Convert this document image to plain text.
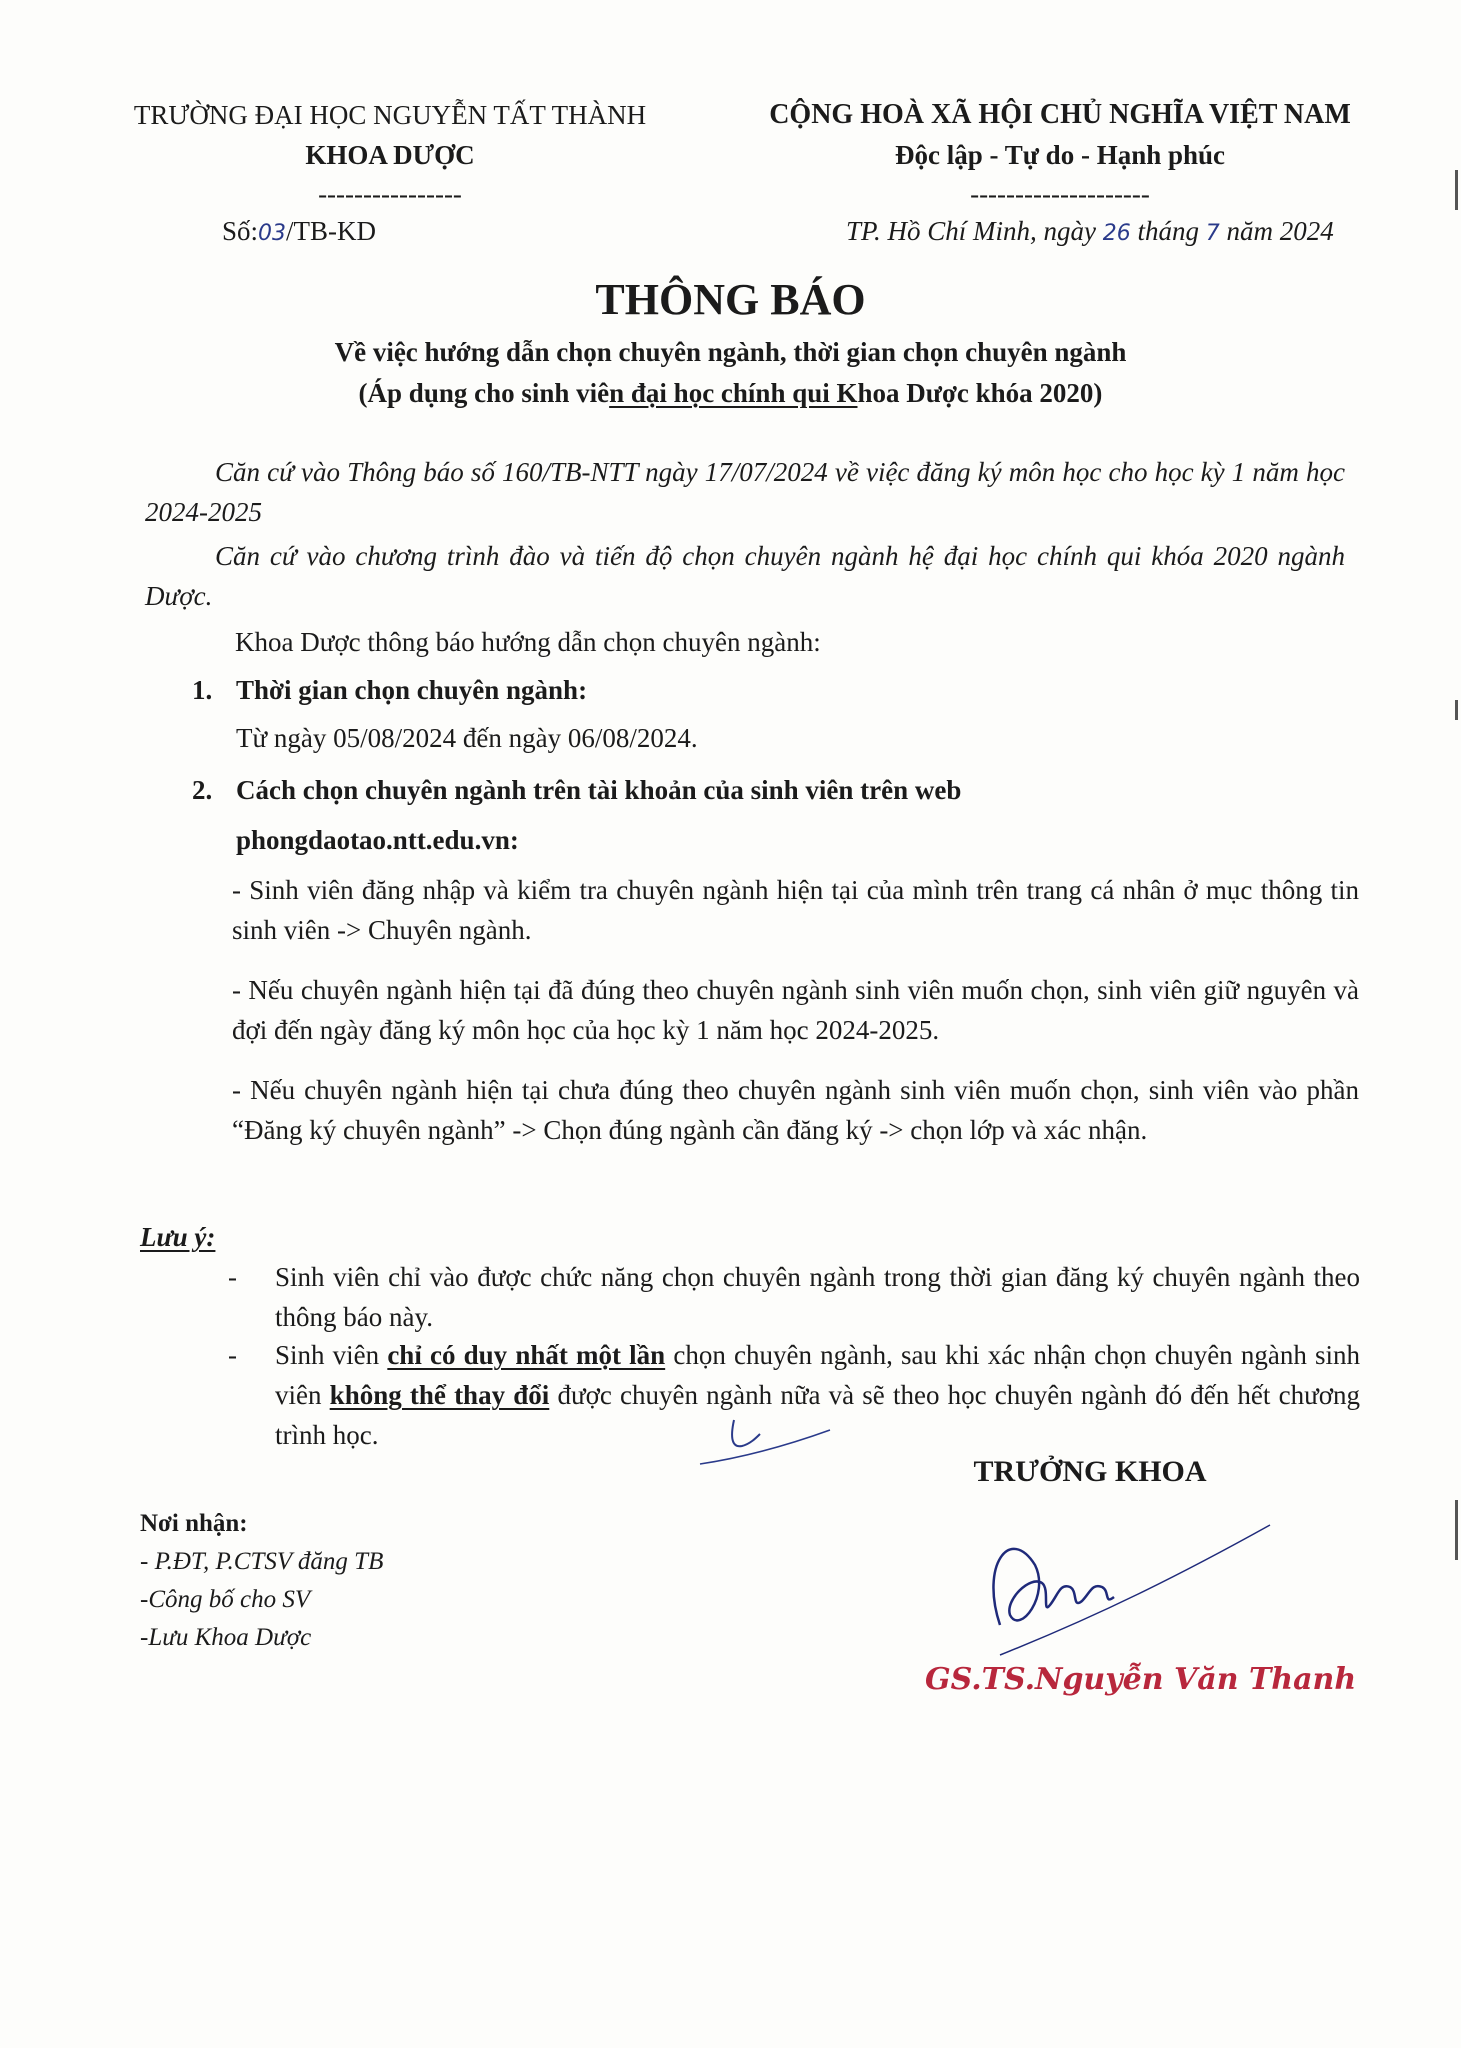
TRƯỜNG ĐẠI HỌC NGUYỄN TẤT THÀNH
KHOA DƯỢC
----------------
Số:03/TB-KD
CỘNG HOÀ XÃ HỘI CHỦ NGHĨA VIỆT NAM
Độc lập - Tự do - Hạnh phúc
--------------------
TP. Hồ Chí Minh, ngày 26 tháng 7 năm 2024
THÔNG BÁO
Về việc hướng dẫn chọn chuyên ngành, thời gian chọn chuyên ngành
(Áp dụng cho sinh viên đại học chính qui Khoa Dược khóa 2020)
Căn cứ vào Thông báo số 160/TB-NTT ngày 17/07/2024 về việc đăng ký môn học cho học kỳ 1 năm học 2024-2025
Căn cứ vào chương trình đào và tiến độ chọn chuyên ngành hệ đại học chính qui khóa 2020 ngành Dược.
Khoa Dược thông báo hướng dẫn chọn chuyên ngành:
1. Thời gian chọn chuyên ngành:
Từ ngày 05/08/2024 đến ngày 06/08/2024.
2. Cách chọn chuyên ngành trên tài khoản của sinh viên trên web
phongdaotao.ntt.edu.vn:
- Sinh viên đăng nhập và kiểm tra chuyên ngành hiện tại của mình trên trang cá nhân ở mục thông tin sinh viên -> Chuyên ngành.
- Nếu chuyên ngành hiện tại đã đúng theo chuyên ngành sinh viên muốn chọn, sinh viên giữ nguyên và đợi đến ngày đăng ký môn học của học kỳ 1 năm học 2024-2025.
- Nếu chuyên ngành hiện tại chưa đúng theo chuyên ngành sinh viên muốn chọn, sinh viên vào phần “Đăng ký chuyên ngành” -> Chọn đúng ngành cần đăng ký -> chọn lớp và xác nhận.
Lưu ý:
- Sinh viên chỉ vào được chức năng chọn chuyên ngành trong thời gian đăng ký chuyên ngành theo thông báo này.
- Sinh viên chỉ có duy nhất một lần chọn chuyên ngành, sau khi xác nhận chọn chuyên ngành sinh viên không thể thay đổi được chuyên ngành nữa và sẽ theo học chuyên ngành đó đến hết chương trình học.
TRƯỞNG KHOA
GS.TS.Nguyễn Văn Thanh
Nơi nhận:
- P.ĐT, P.CTSV đăng TB
-Công bố cho SV
-Lưu Khoa Dược
